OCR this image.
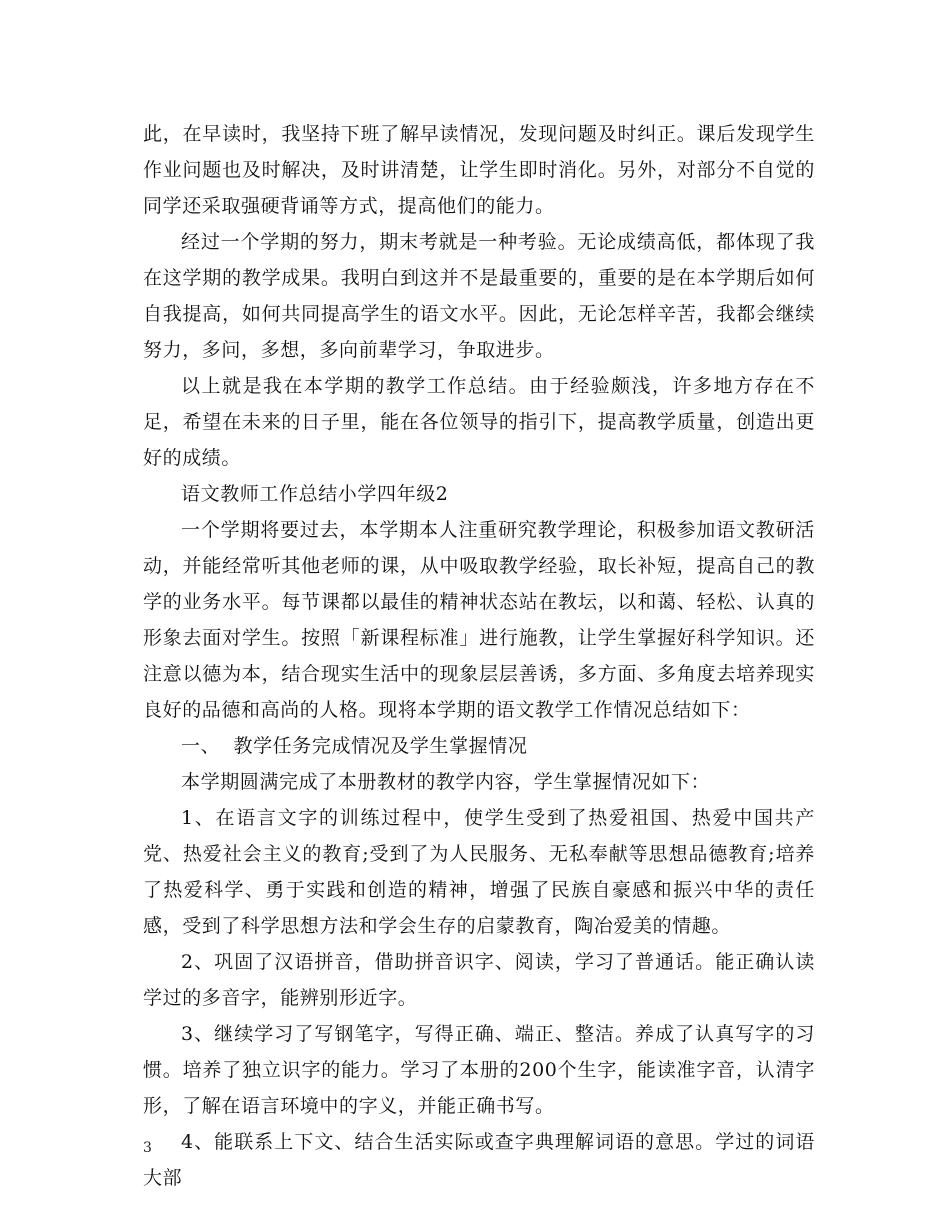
此，在早读时，我坚持下班了解早读情况，发现问题及时纠正。课后发现学生作业问题也及时解决，及时讲清楚，让学生即时消化。另外，对部分不自觉的同学还采取强硬背诵等方式，提高他们的能力。

经过一个学期的努力，期末考就是一种考验。无论成绩高低，都体现了我在这学期的教学成果。我明白到这并不是最重要的，重要的是在本学期后如何自我提高，如何共同提高学生的语文水平。因此，无论怎样辛苦，我都会继续努力，多问，多想，多向前辈学习，争取进步。

以上就是我在本学期的教学工作总结。由于经验颇浅，许多地方存在不足，希望在未来的日子里，能在各位领导的指引下，提高教学质量，创造出更好的成绩。

语文教师工作总结小学四年级2

一个学期将要过去，本学期本人注重研究教学理论，积极参加语文教研活动，并能经常听其他老师的课，从中吸取教学经验，取长补短，提高自己的教学的业务水平。每节课都以最佳的精神状态站在教坛，以和蔼、轻松、认真的形象去面对学生。按照「新课程标准」进行施教，让学生掌握好科学知识。还注意以德为本，结合现实生活中的现象层层善诱，多方面、多角度去培养现实良好的品德和高尚的人格。现将本学期的语文教学工作情况总结如下：

一、  教学任务完成情况及学生掌握情况

本学期圆满完成了本册教材的教学内容，学生掌握情况如下：

1、在语言文字的训练过程中，使学生受到了热爱祖国、热爱中国共产党、热爱社会主义的教育;受到了为人民服务、无私奉献等思想品德教育;培养了热爱科学、勇于实践和创造的精神，增强了民族自豪感和振兴中华的责任感，受到了科学思想方法和学会生存的启蒙教育，陶冶爱美的情趣。

2、巩固了汉语拼音，借助拼音识字、阅读，学习了普通话。能正确认读学过的多音字，能辨别形近字。

3、继续学习了写钢笔字，写得正确、端正、整洁。养成了认真写字的习惯。培养了独立识字的能力。学习了本册的200个生字，能读准字音，认清字形，了解在语言环境中的字义，并能正确书写。

4、能联系上下文、结合生活实际或查字典理解词语的意思。学过的词语大部

3
